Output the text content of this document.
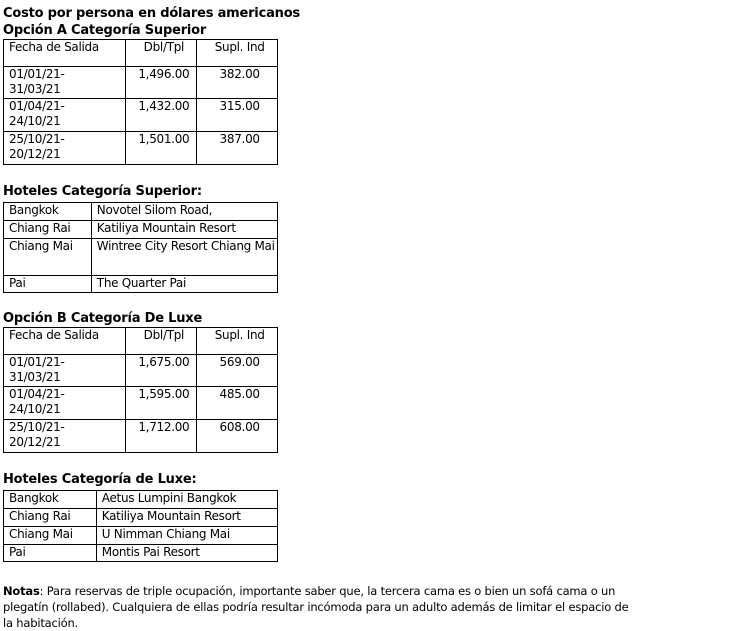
Costo por persona en dólares americanos
Opción A Categoría Superior
Fecha de Salida	Dbl/Tpl	Supl. Ind
01/01/21-
31/03/21	1,496.00	382.00
01/04/21-
24/10/21	1,432.00	315.00
25/10/21-
20/12/21	1,501.00	387.00
Hoteles Categoría Superior:
Bangkok	Novotel Silom Road,
Chiang Rai	Katiliya Mountain Resort
Chiang Mai	Wintree City Resort Chiang Mai
Pai	The Quarter Pai
Opción B Categoría De Luxe
Fecha de Salida	Dbl/Tpl	Supl. Ind
01/01/21-
31/03/21	1,675.00	569.00
01/04/21-
24/10/21	1,595.00	485.00
25/10/21-
20/12/21	1,712.00	608.00
Hoteles Categoría de Luxe:
Bangkok	Aetus Lumpini Bangkok
Chiang Rai	Katiliya Mountain Resort
Chiang Mai	U Nimman Chiang Mai
Pai	Montis Pai Resort
Notas: Para reservas de triple ocupación, importante saber que, la tercera cama es o bien un sofá cama o un plegatín (rollabed). Cualquiera de ellas podría resultar incómoda para un adulto además de limitar el espacio de la habitación.
